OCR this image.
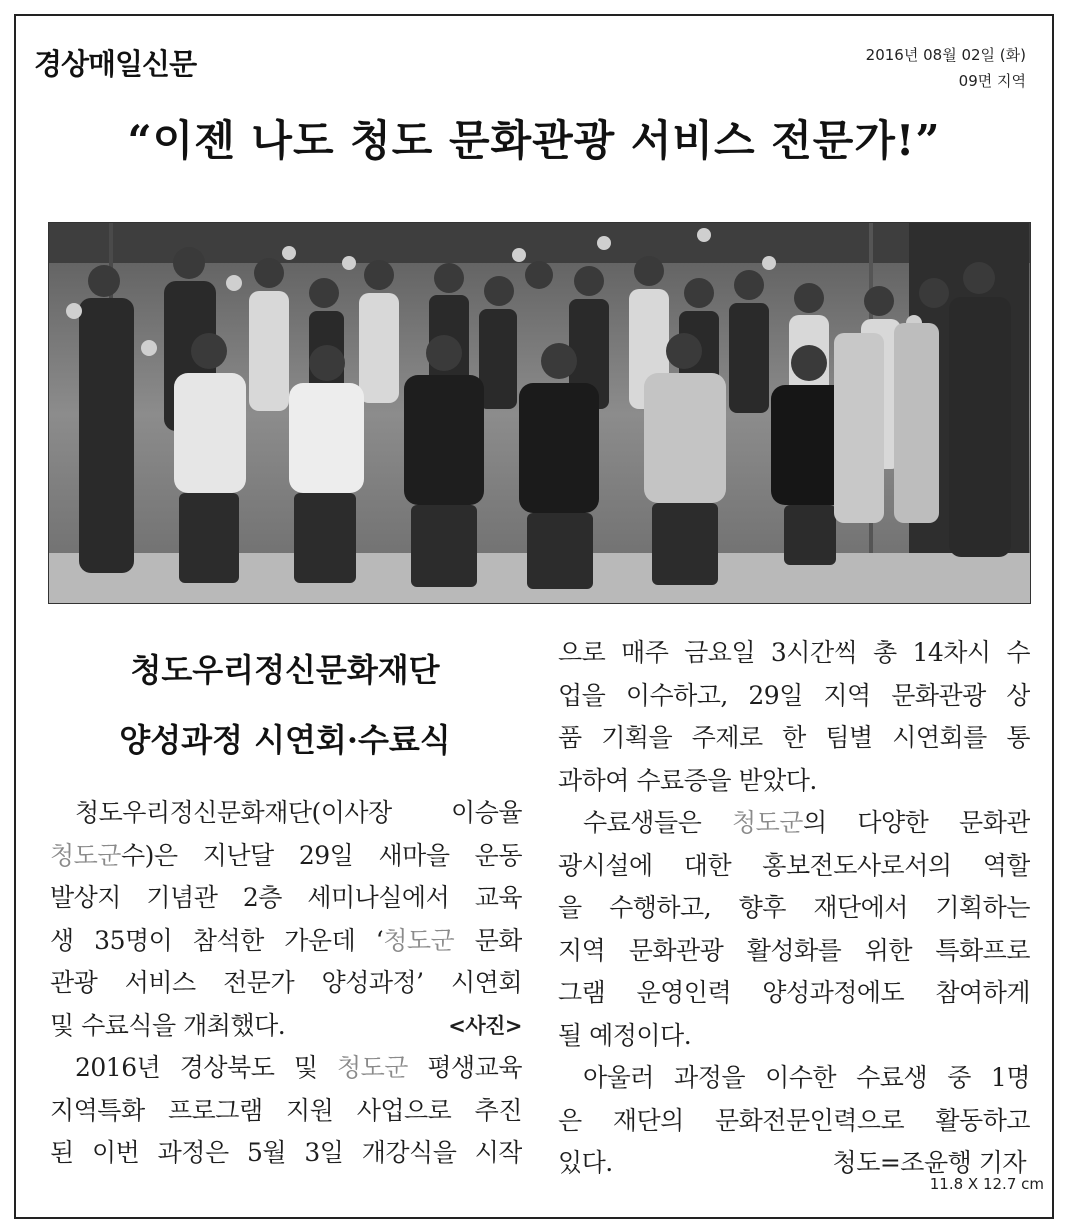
경상매일신문	2016년 08월 02일 (화)
09면 지역
“이젠 나도 청도 문화관광 서비스 전문가!”
청도우리정신문화재단
양성과정 시연회·수료식
청도우리정신문화재단(이사장 이승율
청도군수)은 지난달 29일 새마을 운동
발상지 기념관 2층 세미나실에서 교육
생 35명이 참석한 가운데 ‘청도군 문화
관광 서비스 전문가 양성과정’ 시연회
및 수료식을 개최했다.	<사진>
2016년 경상북도 및 청도군 평생교육
지역특화 프로그램 지원 사업으로 추진
된 이번 과정은 5월 3일 개강식을 시작
으로 매주 금요일 3시간씩 총 14차시 수
업을 이수하고, 29일 지역 문화관광 상
품 기획을 주제로 한 팀별 시연회를 통
과하여 수료증을 받았다.
수료생들은 청도군의 다양한 문화관
광시설에 대한 홍보전도사로서의 역할
을 수행하고, 향후 재단에서 기획하는
지역 문화관광 활성화를 위한 특화프로
그램 운영인력 양성과정에도 참여하게
될 예정이다.
아울러 과정을 이수한 수료생 중 1명
은 재단의 문화전문인력으로 활동하고
있다.	청도=조윤행 기자
11.8 X 12.7 cm
